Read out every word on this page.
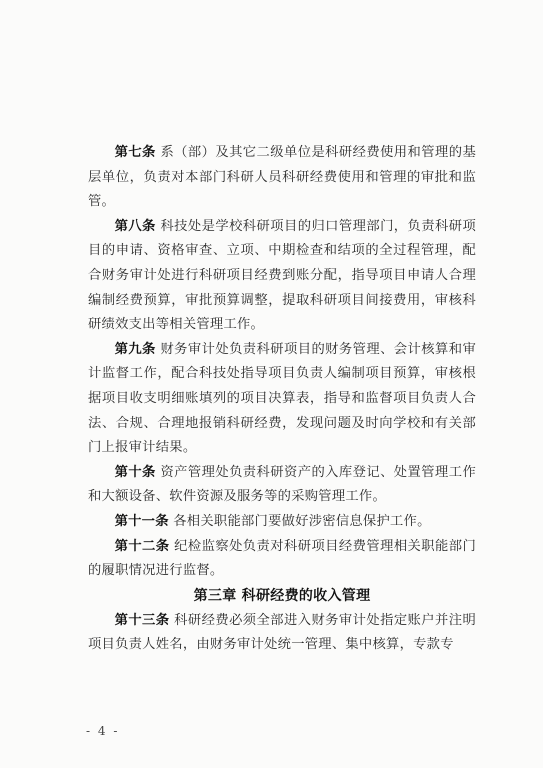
第七条 系（部）及其它二级单位是科研经费使用和管理的基层单位，负责对本部门科研人员科研经费使用和管理的审批和监管。

第八条 科技处是学校科研项目的归口管理部门，负责科研项目的申请、资格审查、立项、中期检查和结项的全过程管理，配合财务审计处进行科研项目经费到账分配，指导项目申请人合理编制经费预算，审批预算调整，提取科研项目间接费用，审核科研绩效支出等相关管理工作。

第九条 财务审计处负责科研项目的财务管理、会计核算和审计监督工作，配合科技处指导项目负责人编制项目预算，审核根据项目收支明细账填列的项目决算表，指导和监督项目负责人合法、合规、合理地报销科研经费，发现问题及时向学校和有关部门上报审计结果。

第十条 资产管理处负责科研资产的入库登记、处置管理工作和大额设备、软件资源及服务等的采购管理工作。

第十一条 各相关职能部门要做好涉密信息保护工作。

第十二条 纪检监察处负责对科研项目经费管理相关职能部门的履职情况进行监督。

第三章 科研经费的收入管理

第十三条 科研经费必须全部进入财务审计处指定账户并注明项目负责人姓名，由财务审计处统一管理、集中核算，专款专

- 4 -
